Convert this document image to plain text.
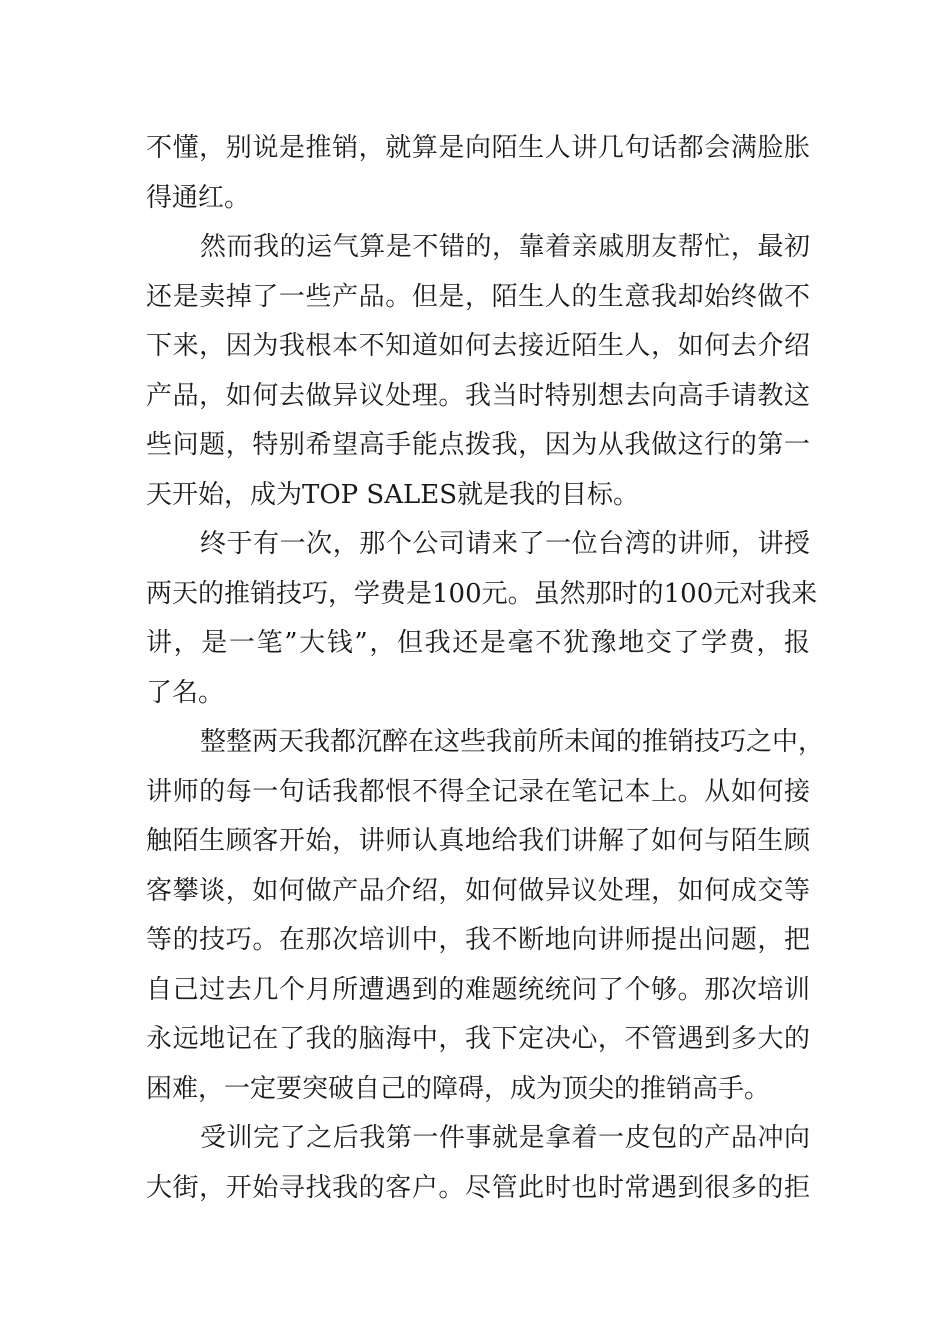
不懂，别说是推销，就算是向陌生人讲几句话都会满脸胀
得通红。
然而我的运气算是不错的，靠着亲戚朋友帮忙，最初
还是卖掉了一些产品。但是，陌生人的生意我却始终做不
下来，因为我根本不知道如何去接近陌生人，如何去介绍
产品，如何去做异议处理。我当时特别想去向高手请教这
些问题，特别希望高手能点拨我，因为从我做这行的第一
天开始，成为TOP SALES就是我的目标。
终于有一次，那个公司请来了一位台湾的讲师，讲授
两天的推销技巧，学费是100元。虽然那时的100元对我来
讲，是一笔”大钱”，但我还是毫不犹豫地交了学费，报
了名。
整整两天我都沉醉在这些我前所未闻的推销技巧之中，
讲师的每一句话我都恨不得全记录在笔记本上。从如何接
触陌生顾客开始，讲师认真地给我们讲解了如何与陌生顾
客攀谈，如何做产品介绍，如何做异议处理，如何成交等
等的技巧。在那次培训中，我不断地向讲师提出问题，把
自己过去几个月所遭遇到的难题统统问了个够。那次培训
永远地记在了我的脑海中，我下定决心，不管遇到多大的
困难，一定要突破自己的障碍，成为顶尖的推销高手。
受训完了之后我第一件事就是拿着一皮包的产品冲向
大街，开始寻找我的客户。尽管此时也时常遇到很多的拒
